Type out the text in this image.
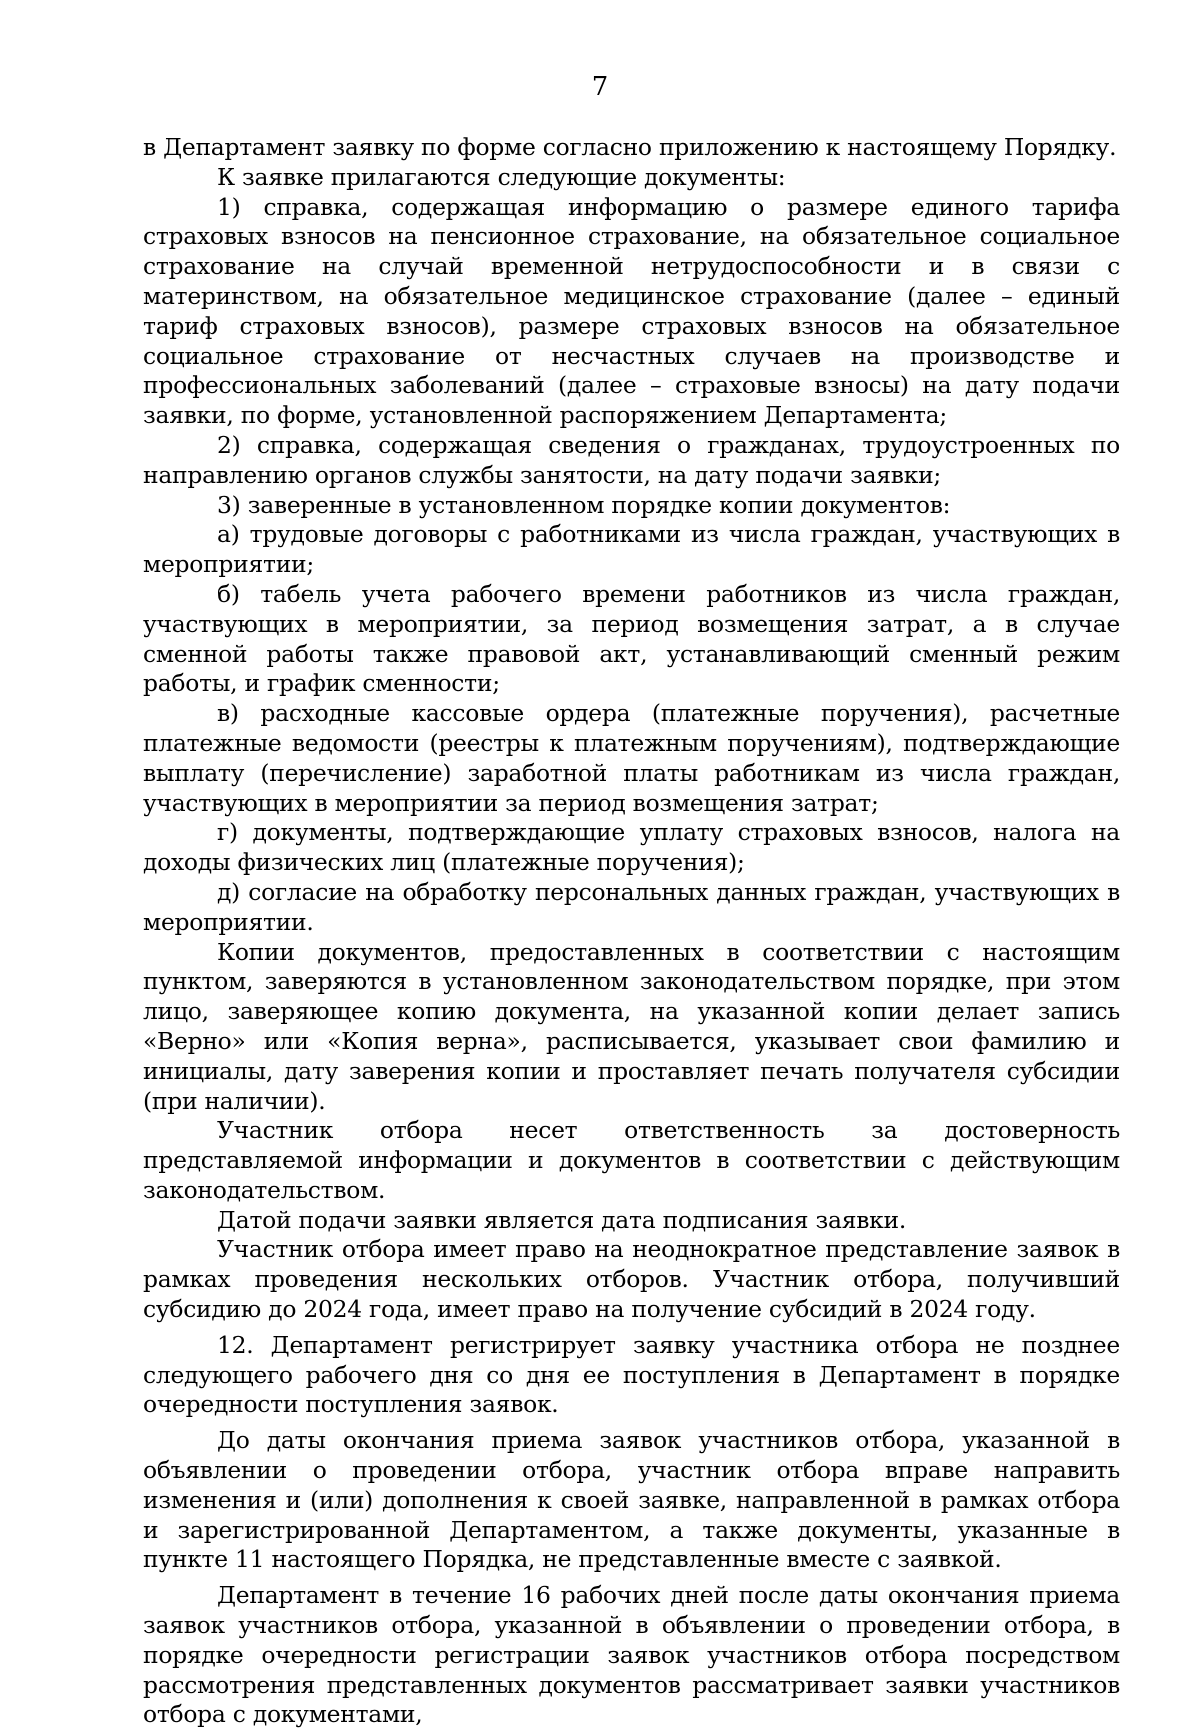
7

в Департамент заявку по форме согласно приложению к настоящему Порядку.

К заявке прилагаются следующие документы:

1) справка, содержащая информацию о размере единого тарифа страховых взносов на пенсионное страхование, на обязательное социальное страхование на случай временной нетрудоспособности и в связи с материнством, на обязательное медицинское страхование (далее – единый тариф страховых взносов), размере страховых взносов на обязательное социальное страхование от несчастных случаев на производстве и профессиональных заболеваний (далее – страховые взносы) на дату подачи заявки, по форме, установленной распоряжением Департамента;

2) справка, содержащая сведения о гражданах, трудоустроенных по направлению органов службы занятости, на дату подачи заявки;

3) заверенные в установленном порядке копии документов:

а) трудовые договоры с работниками из числа граждан, участвующих в мероприятии;

б) табель учета рабочего времени работников из числа граждан, участвующих в мероприятии, за период возмещения затрат, а в случае сменной работы также правовой акт, устанавливающий сменный режим работы, и график сменности;

в) расходные кассовые ордера (платежные поручения), расчетные платежные ведомости (реестры к платежным поручениям), подтверждающие выплату (перечисление) заработной платы работникам из числа граждан, участвующих в мероприятии за период возмещения затрат;

г) документы, подтверждающие уплату страховых взносов, налога на доходы физических лиц (платежные поручения);

д) согласие на обработку персональных данных граждан, участвующих в мероприятии.

Копии документов, предоставленных в соответствии с настоящим пунктом, заверяются в установленном законодательством порядке, при этом лицо, заверяющее копию документа, на указанной копии делает запись «Верно» или «Копия верна», расписывается, указывает свои фамилию и инициалы, дату заверения копии и проставляет печать получателя субсидии (при наличии).

Участник отбора несет ответственность за достоверность представляемой информации и документов в соответствии с действующим законодательством.

Датой подачи заявки является дата подписания заявки.

Участник отбора имеет право на неоднократное представление заявок в рамках проведения нескольких отборов. Участник отбора, получивший субсидию до 2024 года, имеет право на получение субсидий в 2024 году.

12. Департамент регистрирует заявку участника отбора не позднее следующего рабочего дня со дня ее поступления в Департамент в порядке очередности поступления заявок.

До даты окончания приема заявок участников отбора, указанной в объявлении о проведении отбора, участник отбора вправе направить изменения и (или) дополнения к своей заявке, направленной в рамках отбора и зарегистрированной Департаментом, а также документы, указанные в пункте 11 настоящего Порядка, не представленные вместе с заявкой.

Департамент в течение 16 рабочих дней после даты окончания приема заявок участников отбора, указанной в объявлении о проведении отбора, в порядке очередности регистрации заявок участников отбора посредством рассмотрения представленных документов рассматривает заявки участников отбора с документами,
